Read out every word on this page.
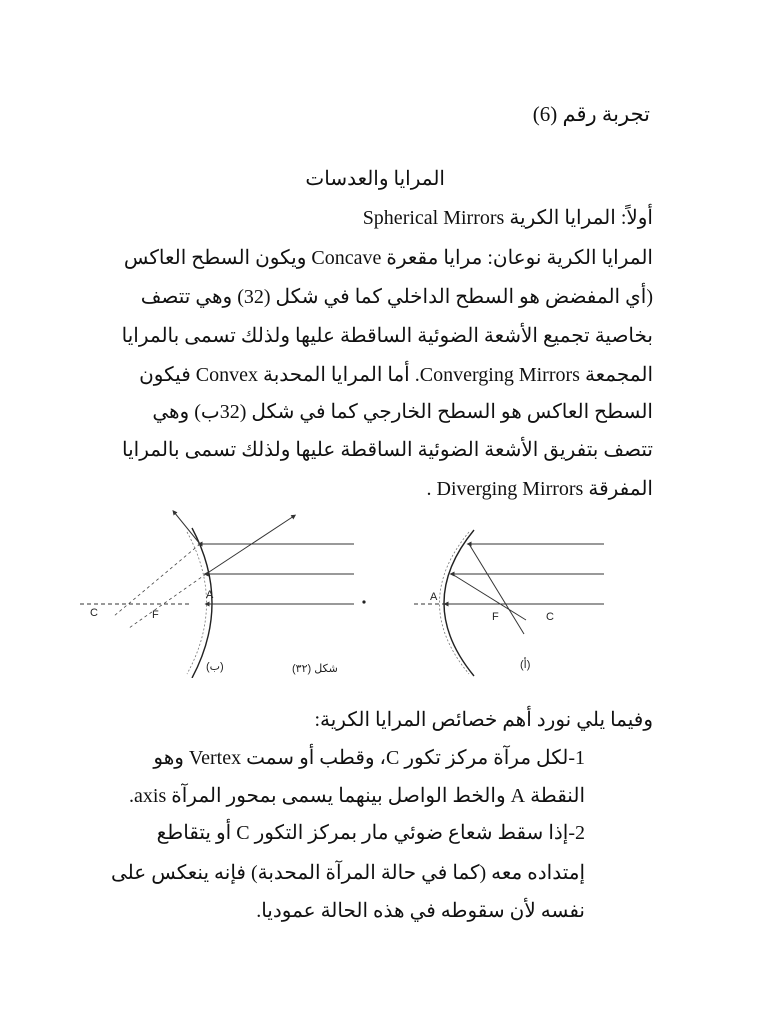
تجربة رقم (6)
المرايا والعدسات
أولاً: المرايا الكرية Spherical Mirrors
المرايا الكرية نوعان: مرايا مقعرة Concave ويكون السطح العاكس
(أي المفضض هو السطح الداخلي كما في شكل (32) وهي تتصف
بخاصية تجميع الأشعة الضوئية الساقطة عليها ولذلك تسمى بالمرايا
المجمعة Converging Mirrors. أما المرايا المحدبة Convex فيكون
السطح العاكس هو السطح الخارجي كما في شكل (32ب) وهي
تتصف بتفريق الأشعة الضوئية الساقطة عليها ولذلك تسمى بالمرايا
المفرقة Diverging Mirrors .
C	F
A
(ب)	شكل (٣٢)
A
F	C
(أ)
وفيما يلي نورد أهم خصائص المرايا الكرية:
1-لكل مرآة مركز تكور C، وقطب أو سمت Vertex وهو
النقطة A والخط الواصل بينهما يسمى بمحور المرآة axis.
2-إذا سقط شعاع ضوئي مار بمركز التكور C أو يتقاطع
إمتداده معه (كما في حالة المرآة المحدبة) فإنه ينعكس على
نفسه لأن سقوطه في هذه الحالة عموديا.
